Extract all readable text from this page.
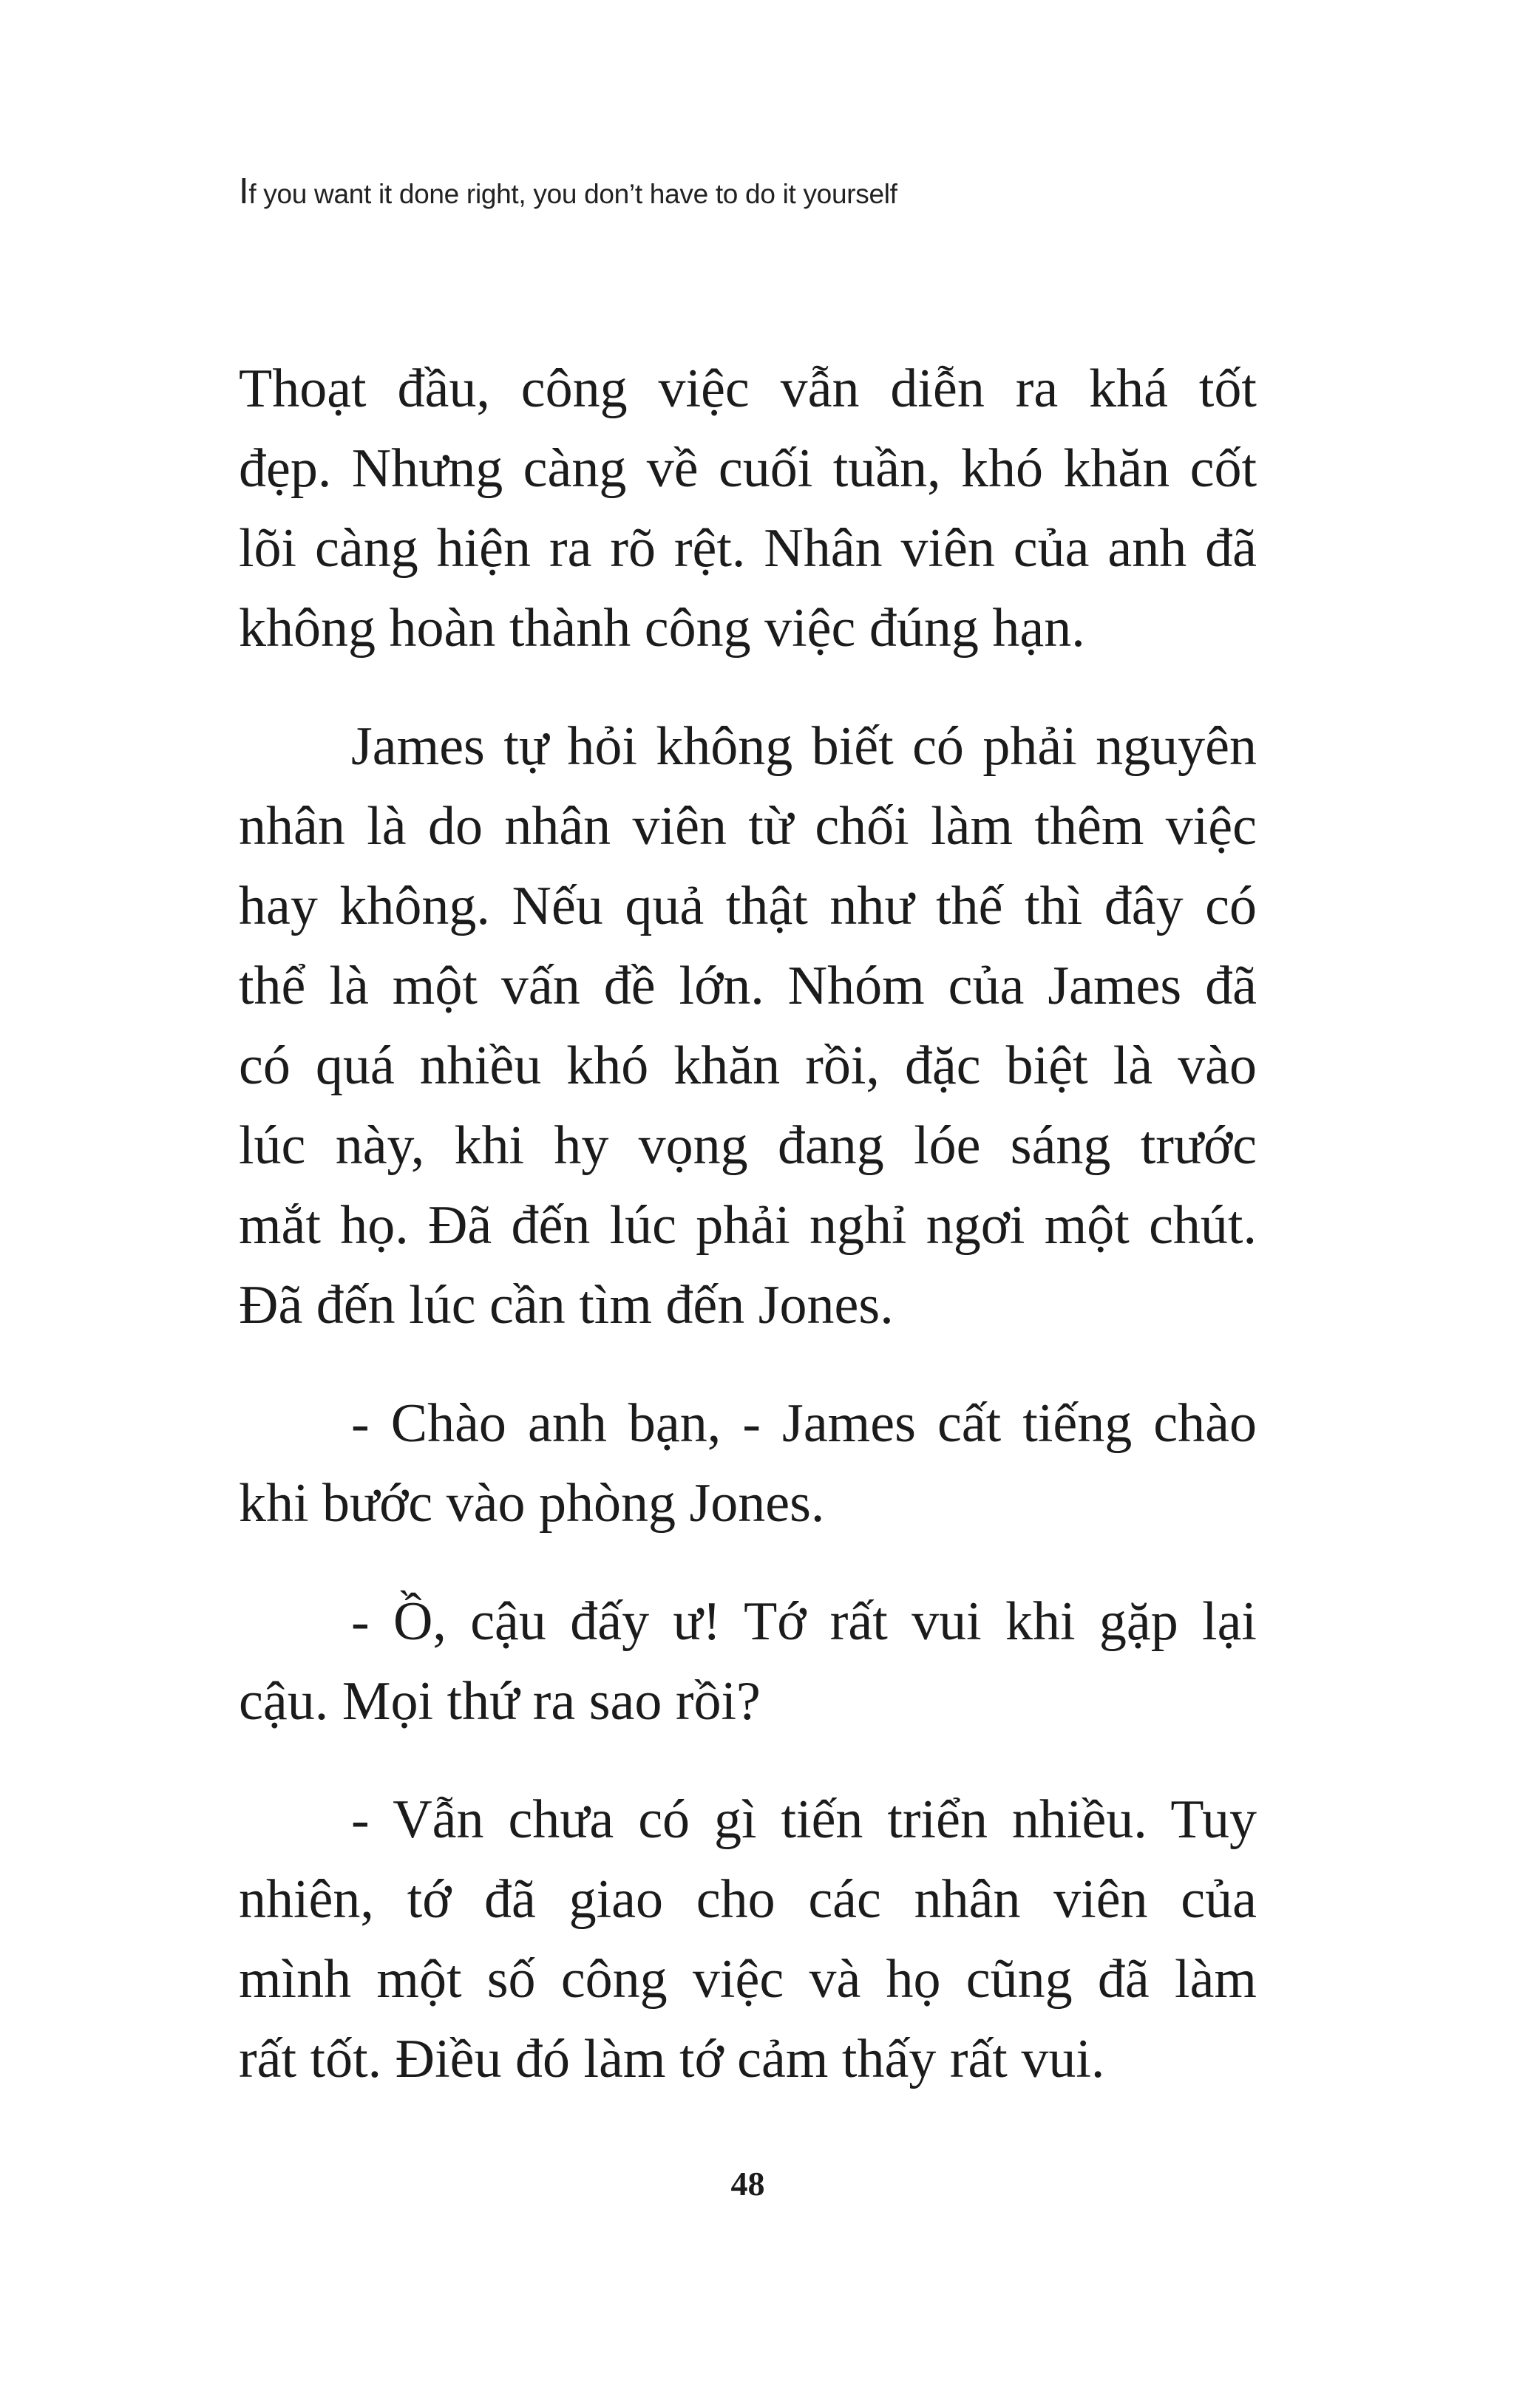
If you want it done right, you don’t have to do it yourself
Thoạt đầu, công việc vẫn diễn ra khá tốt
đẹp. Nhưng càng về cuối tuần, khó khăn cốt
lõi càng hiện ra rõ rệt. Nhân viên của anh đã
không hoàn thành công việc đúng hạn.
James tự hỏi không biết có phải nguyên
nhân là do nhân viên từ chối làm thêm việc
hay không. Nếu quả thật như thế thì đây có
thể là một vấn đề lớn. Nhóm của James đã
có quá nhiều khó khăn rồi, đặc biệt là vào
lúc này, khi hy vọng đang lóe sáng trước
mắt họ. Đã đến lúc phải nghỉ ngơi một chút.
Đã đến lúc cần tìm đến Jones.
- Chào anh bạn, - James cất tiếng chào
khi bước vào phòng Jones.
- Ồ, cậu đấy ư! Tớ rất vui khi gặp lại
cậu. Mọi thứ ra sao rồi?
- Vẫn chưa có gì tiến triển nhiều. Tuy
nhiên, tớ đã giao cho các nhân viên của
mình một số công việc và họ cũng đã làm
rất tốt. Điều đó làm tớ cảm thấy rất vui.
48
